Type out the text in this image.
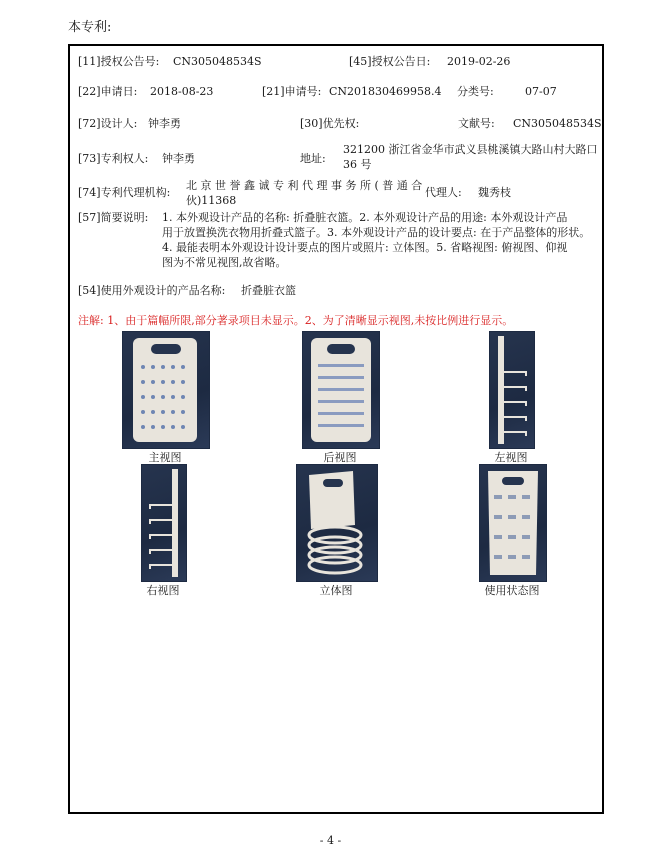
本专利:
[11]授权公告号: CN305048534S	[45]授权公告日: 2019-02-26
[22]申请日: 2018-08-23	[21]申请号: CN201830469958.4 分类号:	07-07
[72]设计人: 钟李勇	[30]优先权:	文献号: CN305048534S
[73]专利权人: 钟李勇	地址:
321200 浙江省金华市武义县桃溪镇大路山村大路口
36 号
[74]专利代理机构:
北 京 世 誉 鑫 诚 专 利 代 理 事 务 所 ( 普 通 合
伙)11368
代理人: 魏秀枝
[57]简要说明: 1. 本外观设计产品的名称: 折叠脏衣篮。2. 本外观设计产品的用途: 本外观设计产品
用于放置换洗衣物用折叠式篮子。3. 本外观设计产品的设计要点: 在于产品整体的形状。
4. 最能表明本外观设计设计要点的图片或照片: 立体图。5. 省略视图: 俯视图、仰视
图为不常见视图,故省略。
[54]使用外观设计的产品名称: 折叠脏衣篮
注解: 1、由于篇幅所限,部分著录项目未显示。2、为了清晰显示视图,未按比例进行显示。
主视图	后视图	左视图
右视图	立体图	使用状态图
- 4 -
